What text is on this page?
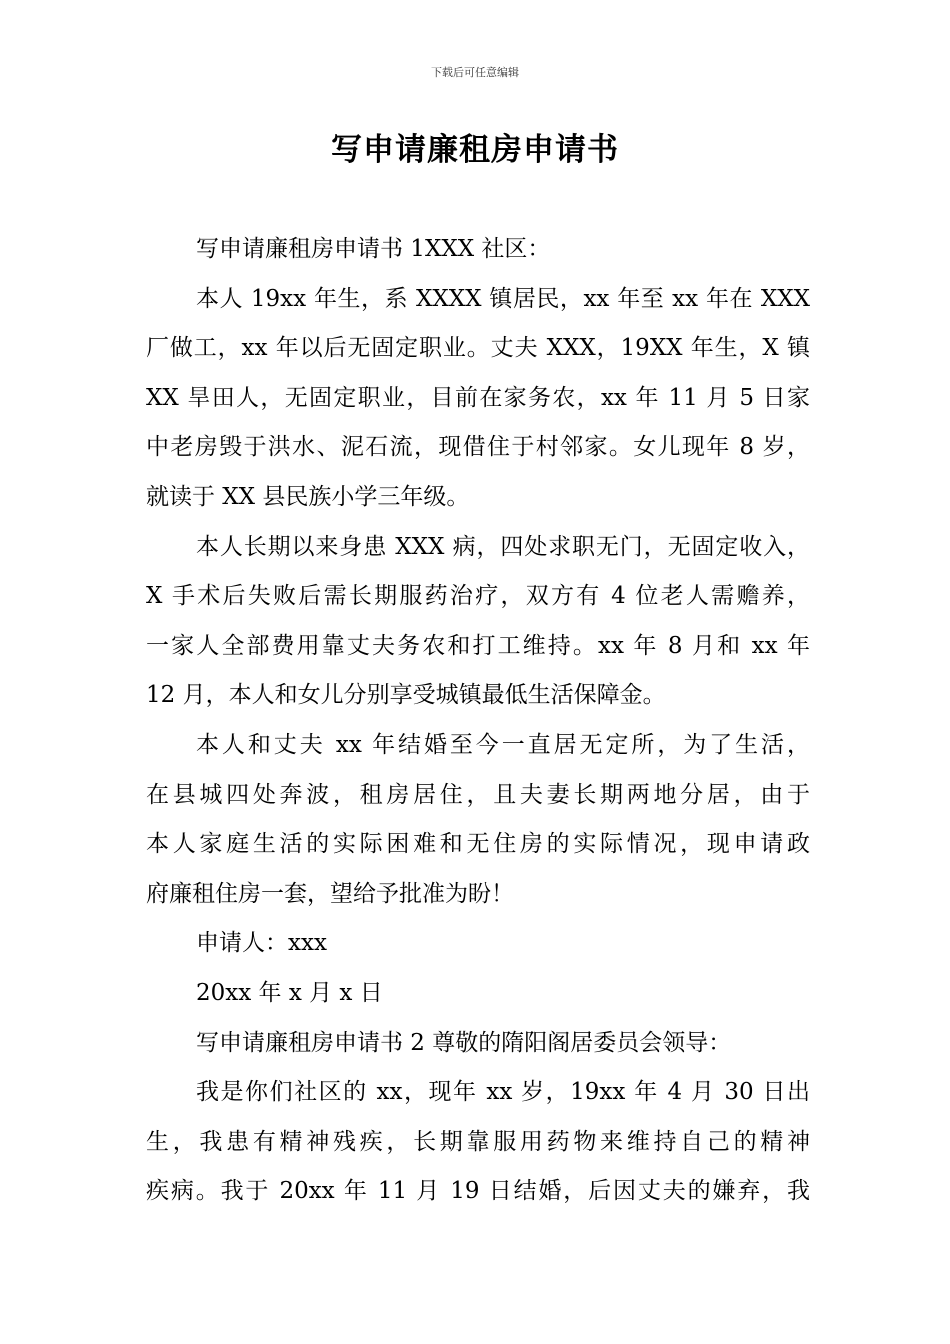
下载后可任意编辑
写申请廉租房申请书
写申请廉租房申请书 1XXX 社区：
本人 19xx 年生，系 XXXX 镇居民，xx 年至 xx 年在 XXX
厂做工，xx 年以后无固定职业。丈夫 XXX，19XX 年生，X 镇
XX 旱田人，无固定职业，目前在家务农，xx 年 11 月 5 日家
中老房毁于洪水、泥石流，现借住于村邻家。女儿现年 8 岁，
就读于 XX 县民族小学三年级。
本人长期以来身患 XXX 病，四处求职无门，无固定收入，
X 手术后失败后需长期服药治疗，双方有 4 位老人需赡养，
一家人全部费用靠丈夫务农和打工维持。xx 年 8 月和 xx 年
12 月，本人和女儿分别享受城镇最低生活保障金。
本人和丈夫 xx 年结婚至今一直居无定所，为了生活，
在县城四处奔波，租房居住，且夫妻长期两地分居，由于
本人家庭生活的实际困难和无住房的实际情况，现申请政
府廉租住房一套，望给予批准为盼！
申请人：xxx
20xx 年 x 月 x 日
写申请廉租房申请书 2 尊敬的隋阳阁居委员会领导：
我是你们社区的 xx，现年 xx 岁，19xx 年 4 月 30 日出
生，我患有精神残疾，长期靠服用药物来维持自己的精神
疾病。我于 20xx 年 11 月 19 日结婚，后因丈夫的嫌弃，我
